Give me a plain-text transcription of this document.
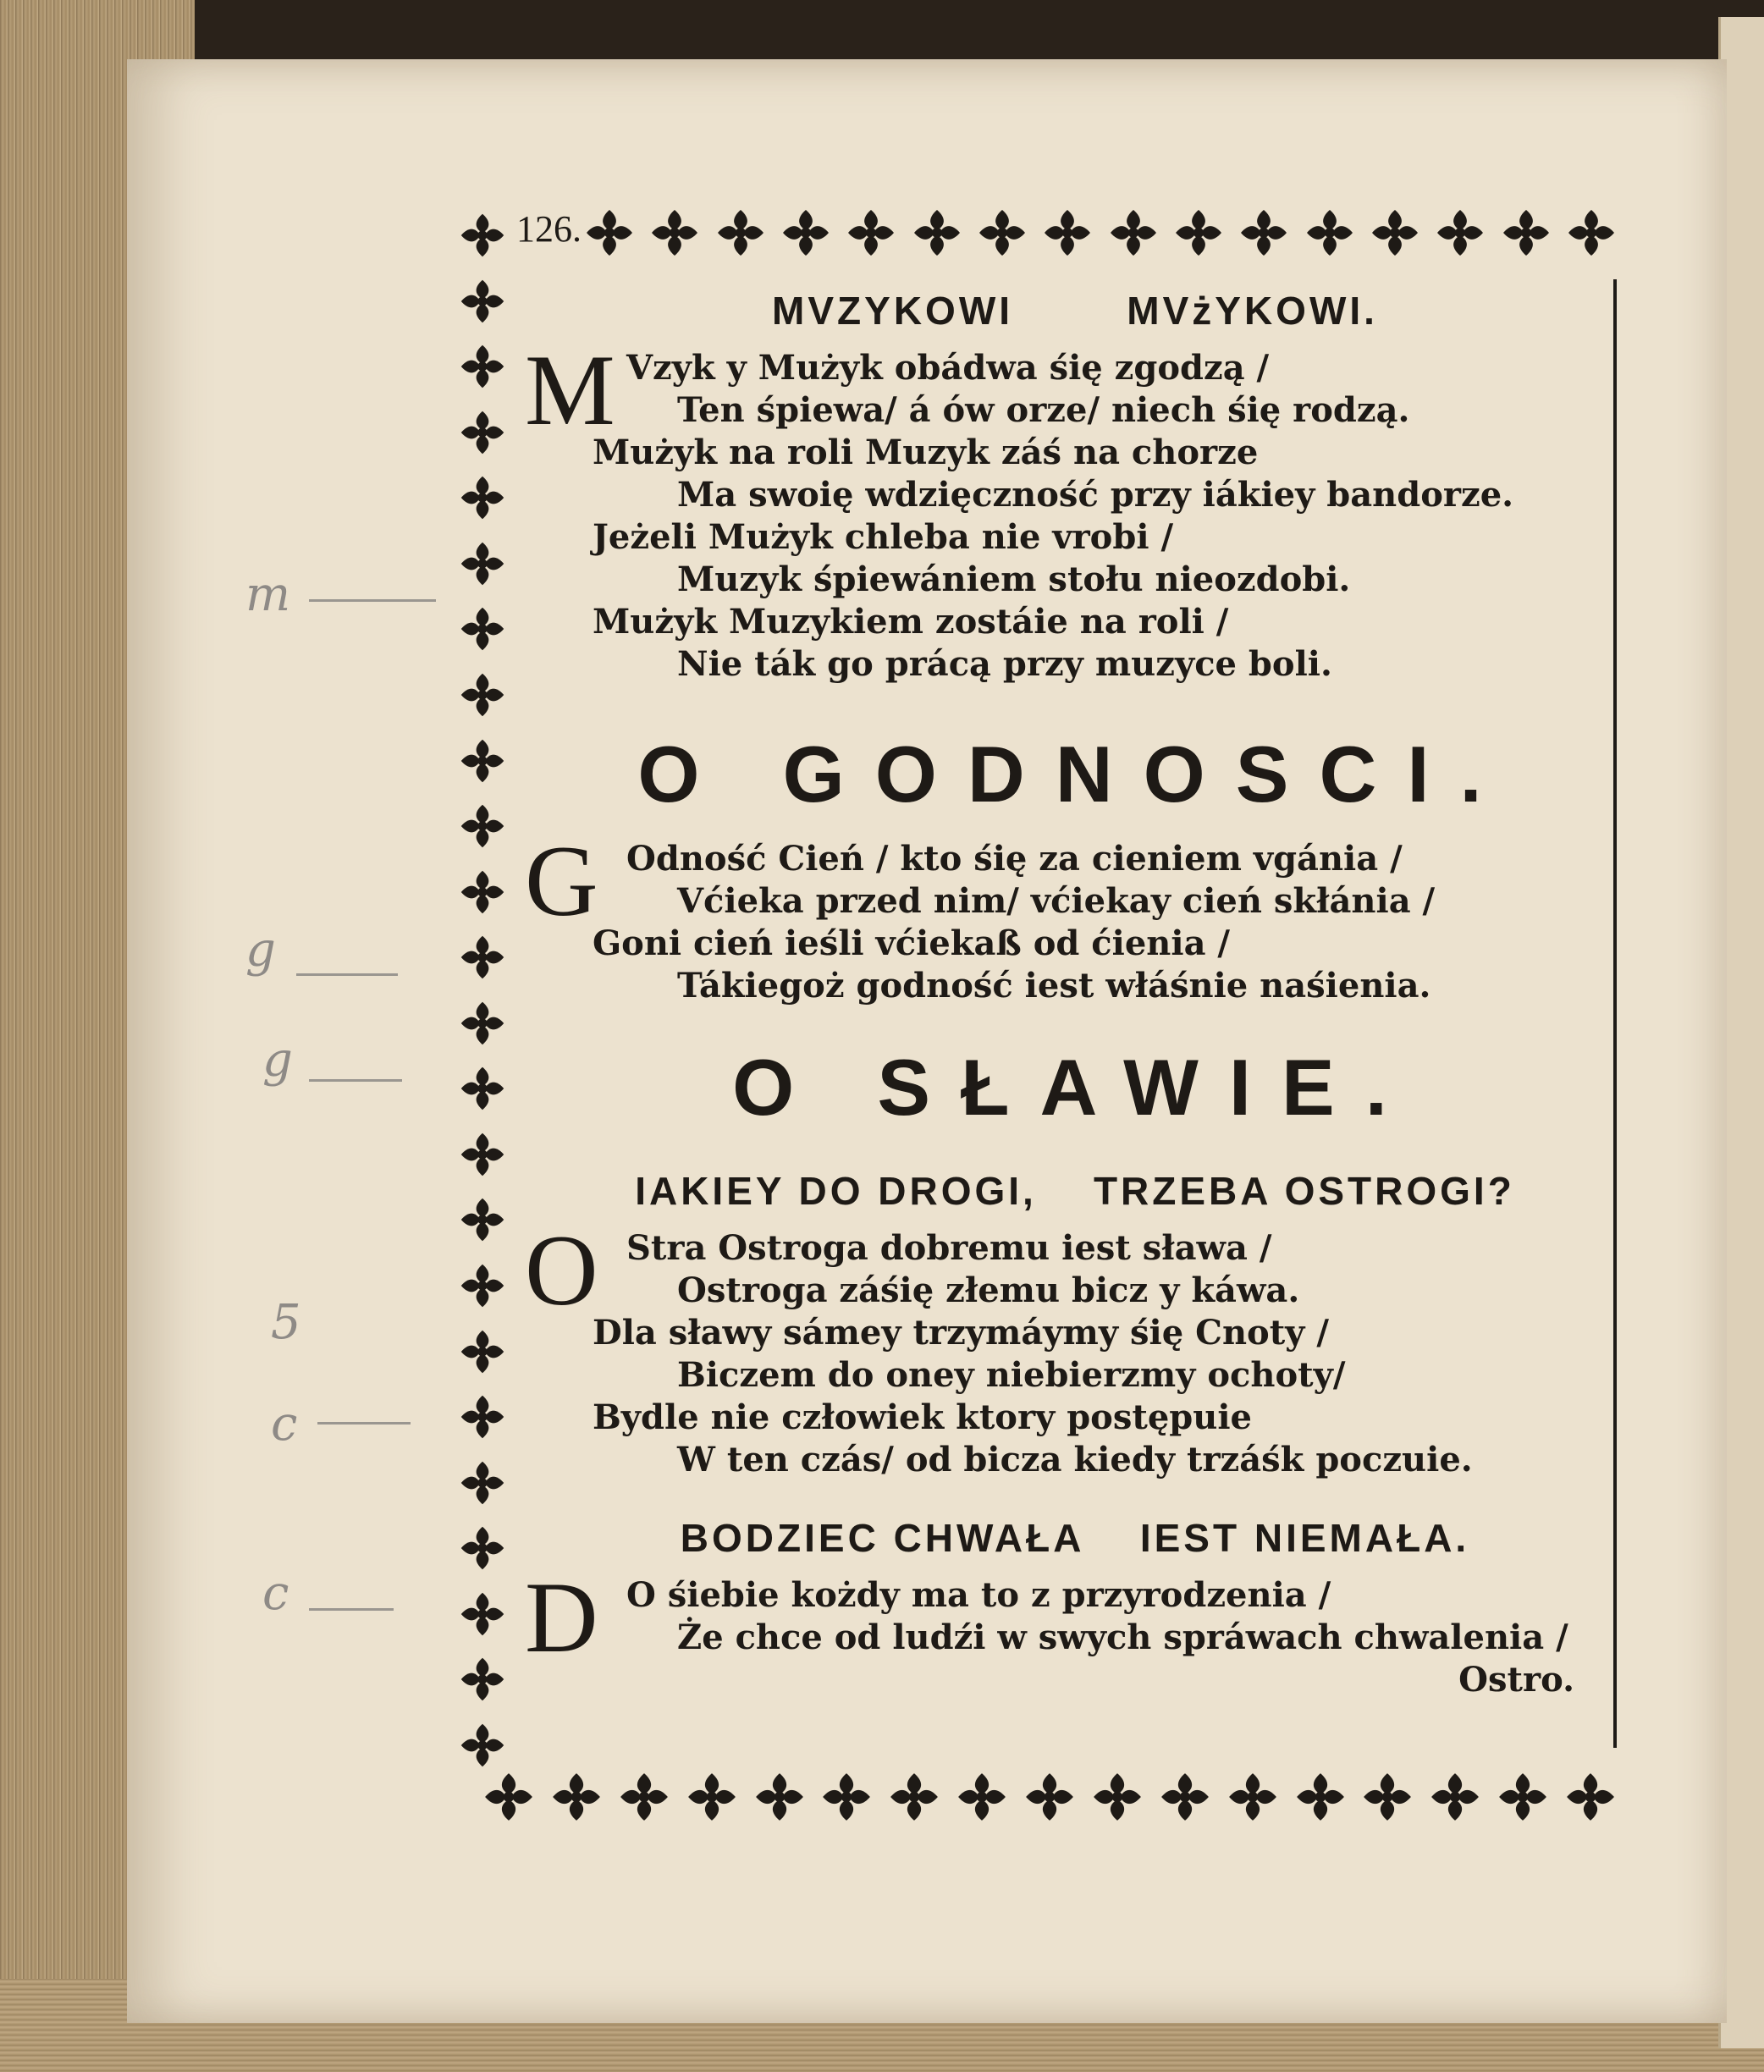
m
g
g
5
c
c
126.
MVZYKOWI        MVżYKOWI.
M Vzyk y Mużyk obádwa śię zgodzą /
Ten śpiewa/ á ów orze/ niech śię rodzą.
Mużyk na roli Muzyk záś na chorze
Ma swoię wdzięczność przy iákiey bandorze.
Jeżeli Mużyk chleba nie vrobi /
Muzyk śpiewániem stołu nieozdobi.
Mużyk Muzykiem zostáie na roli /
Nie ták go prácą przy muzyce boli.
O GODNOSCI.
G Odność Cień / kto śię za cieniem vgánia /
Vćieka przed nim/ vćiekay cień skłánia /
Goni cień ieśli vćiekaß od ćienia /
Tákiegoż godność iest włáśnie naśienia.
O SŁAWIE.
IAKIEY DO DROGI,    TRZEBA OSTROGI?
O Stra Ostroga dobremu iest sława /
Ostroga záśię złemu bicz y káwa.
Dla sławy sámey trzymáymy śię Cnoty /
Biczem do oney niebierzmy ochoty/
Bydle nie człowiek ktory postępuie
W ten czás/ od bicza kiedy trzáśk poczuie.
BODZIEC CHWAŁA    IEST NIEMAŁA.
D O śiebie kożdy ma to z przyrodzenia /
Że chce od ludźi w swych spráwach chwalenia /
Ostro.
